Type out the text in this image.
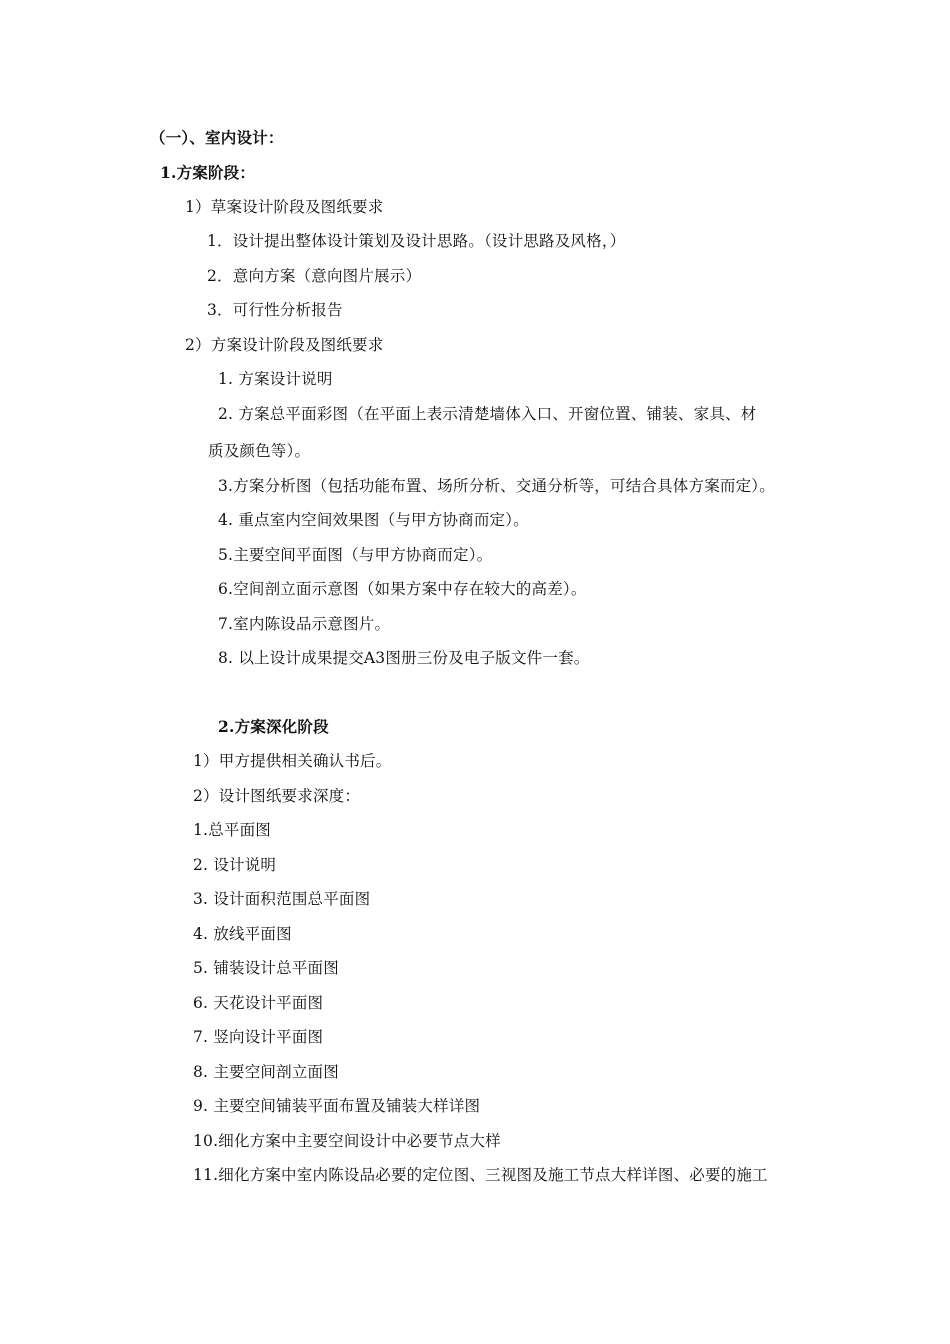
（一）、室内设计：
1.方案阶段：
1）草案设计阶段及图纸要求
1．设计提出整体设计策划及设计思路。（设计思路及风格，）
2．意向方案（意向图片展示）
3．可行性分析报告
2）方案设计阶段及图纸要求
1. 方案设计说明
2. 方案总平面彩图（在平面上表示清楚墙体入口、开窗位置、铺装、家具、材
质及颜色等）。
3.方案分析图（包括功能布置、场所分析、交通分析等，可结合具体方案而定）。
4. 重点室内空间效果图（与甲方协商而定）。
5.主要空间平面图（与甲方协商而定）。
6.空间剖立面示意图（如果方案中存在较大的高差）。
7.室内陈设品示意图片。
8. 以上设计成果提交A3图册三份及电子版文件一套。
2.方案深化阶段
1）甲方提供相关确认书后。
2）设计图纸要求深度：
1.总平面图
2. 设计说明
3. 设计面积范围总平面图
4. 放线平面图
5. 铺装设计总平面图
6. 天花设计平面图
7. 竖向设计平面图
8. 主要空间剖立面图
9. 主要空间铺装平面布置及铺装大样详图
10.细化方案中主要空间设计中必要节点大样
11.细化方案中室内陈设品必要的定位图、三视图及施工节点大样详图、必要的施工
